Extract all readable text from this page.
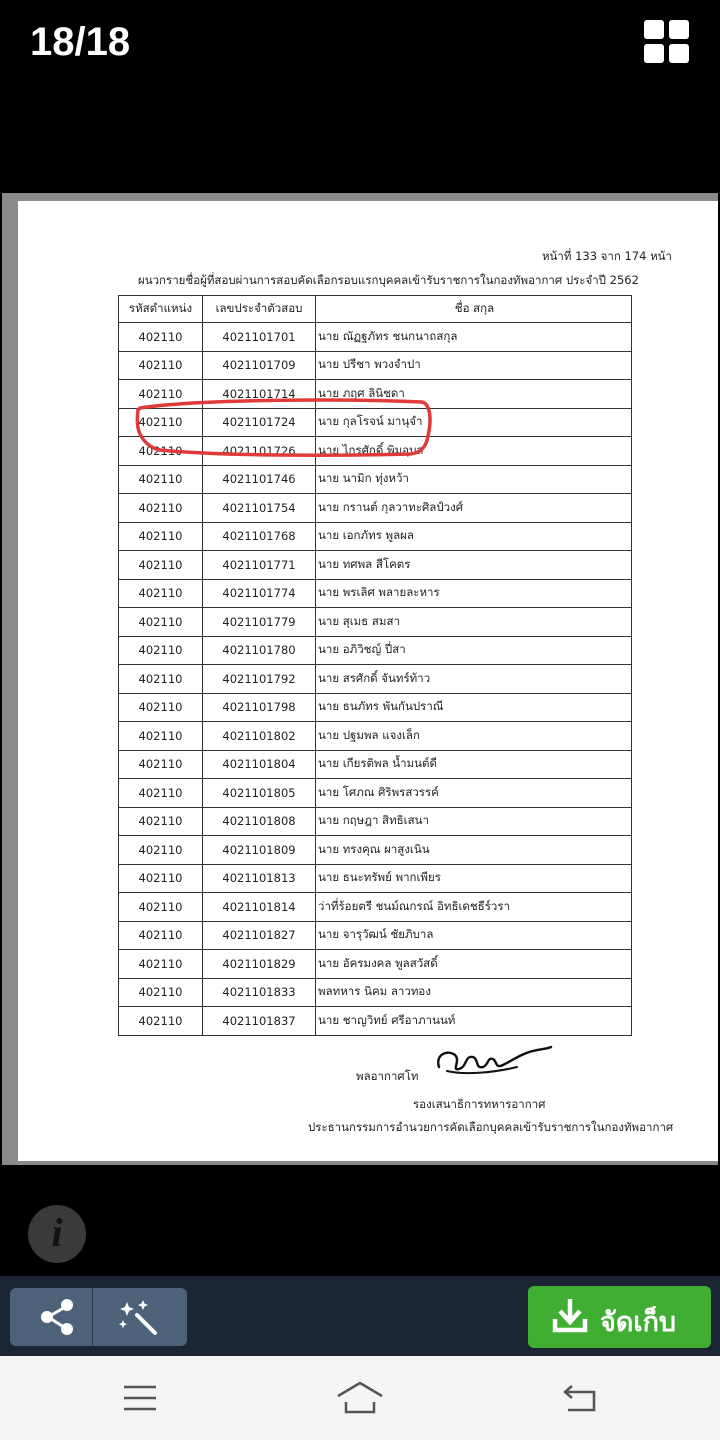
18/18
หน้าที่ 133 จาก 174 หน้า
ผนวกรายชื่อผู้ที่สอบผ่านการสอบคัดเลือกรอบแรกบุคคลเข้ารับราชการในกองทัพอากาศ ประจำปี 2562
รหัสตำแหน่ง	เลขประจำตัวสอบ	ชื่อ สกุล
402110	4021101701	นาย ณัฏฐภัทร ชนกนาถสกุล
402110	4021101709	นาย ปรีชา พวงจำปา
402110	4021101714	นาย ภฤศ ลินิชดา
402110	4021101724	นาย กุลโรจน์ มานุจำ
402110	4021101726	นาย ไกรศักดิ์ พิมอุบล
402110	4021101746	นาย นามิก ทุ่งหว้า
402110	4021101754	นาย กรานต์ กุลวาทะศิลป์วงศ์
402110	4021101768	นาย เอกภัทร พูลผล
402110	4021101771	นาย ทศพล สีโคตร
402110	4021101774	นาย พรเลิศ พลายละหาร
402110	4021101779	นาย สุเมธ สมสา
402110	4021101780	นาย อภิวิชญ์ ปี่สา
402110	4021101792	นาย สรศักดิ์ จันทร์ท้าว
402110	4021101798	นาย ธนภัทร พันกันปราณี
402110	4021101802	นาย ปฐมพล แจงเล็ก
402110	4021101804	นาย เกียรติพล น้ำมนต์ดี
402110	4021101805	นาย โศภณ ศิริพรสวรรค์
402110	4021101808	นาย กฤษฎา สิทธิเสนา
402110	4021101809	นาย ทรงคุณ ผาสูงเนิน
402110	4021101813	นาย ธนะทรัพย์ พากเพียร
402110	4021101814	ว่าที่ร้อยตรี ชนม์ณกรณ์ อิทธิเดชธีร์วรา
402110	4021101827	นาย จารุวัฒน์ ชัยภิบาล
402110	4021101829	นาย อัครมงคล พูลสวัสดิ์
402110	4021101833	พลทหาร นิคม ลาวทอง
402110	4021101837	นาย ชาญวิทย์ ศรีอาภานนท์
พลอากาศโท
รองเสนาธิการทหารอากาศ
ประธานกรรมการอำนวยการคัดเลือกบุคคลเข้ารับราชการในกองทัพอากาศ
i
จัดเก็บ
